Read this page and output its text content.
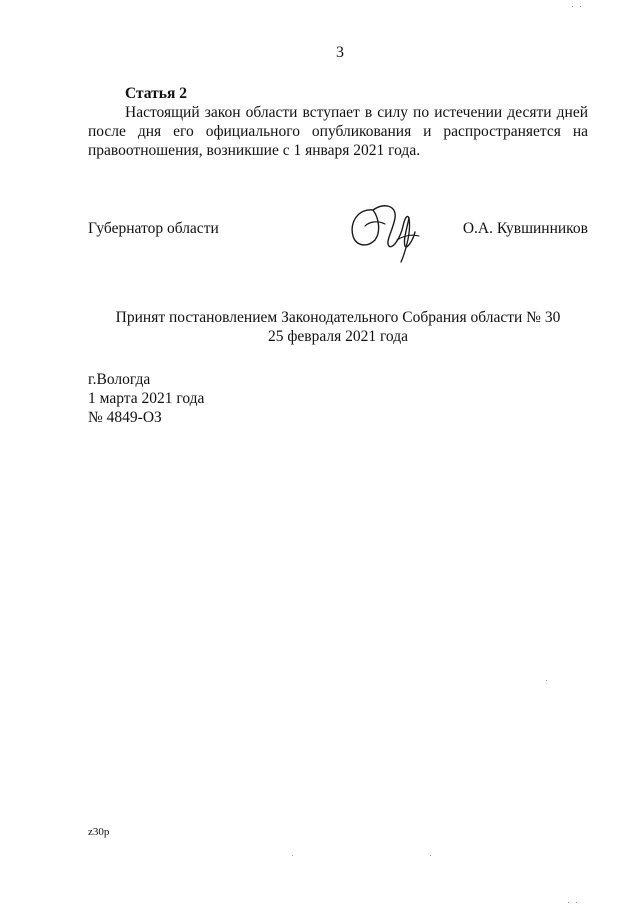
3
Статья 2

Настоящий закон области вступает в силу по истечении десяти дней после дня его официального опубликования и распространяется на правоотношения, возникшие с 1 января 2021 года.

Губернатор области	О.А. Кувшинников
Принят постановлением Законодательного Собрания области № 30
25 февраля 2021 года
г.Вологда
1 марта 2021 года
№ 4849-ОЗ
z30p
